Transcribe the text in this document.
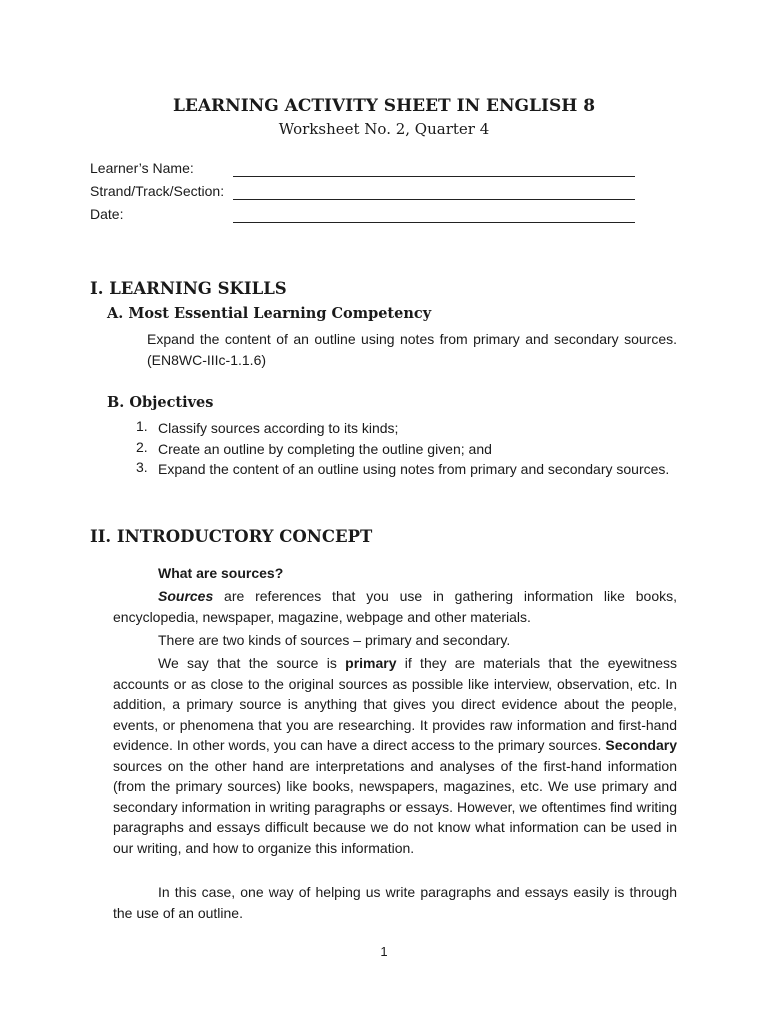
LEARNING ACTIVITY SHEET IN ENGLISH 8
Worksheet No. 2, Quarter 4
Learner’s Name:
Strand/Track/Section:
Date:
I. LEARNING SKILLS
A. Most Essential Learning Competency
Expand the content of an outline using notes from primary and secondary sources. (EN8WC-IIIc-1.1.6)
B. Objectives
1. Classify sources according to its kinds;
2. Create an outline by completing the outline given; and
3. Expand the content of an outline using notes from primary and secondary sources.
II. INTRODUCTORY CONCEPT
What are sources?
Sources are references that you use in gathering information like books, encyclopedia, newspaper, magazine, webpage and other materials.
There are two kinds of sources – primary and secondary.
We say that the source is primary if they are materials that the eyewitness accounts or as close to the original sources as possible like interview, observation, etc. In addition, a primary source is anything that gives you direct evidence about the people, events, or phenomena that you are researching. It provides raw information and first-hand evidence. In other words, you can have a direct access to the primary sources. Secondary sources on the other hand are interpretations and analyses of the first-hand information (from the primary sources) like books, newspapers, magazines, etc. We use primary and secondary information in writing paragraphs or essays. However, we oftentimes find writing paragraphs and essays difficult because we do not know what information can be used in our writing, and how to organize this information.
In this case, one way of helping us write paragraphs and essays easily is through the use of an outline.
1
